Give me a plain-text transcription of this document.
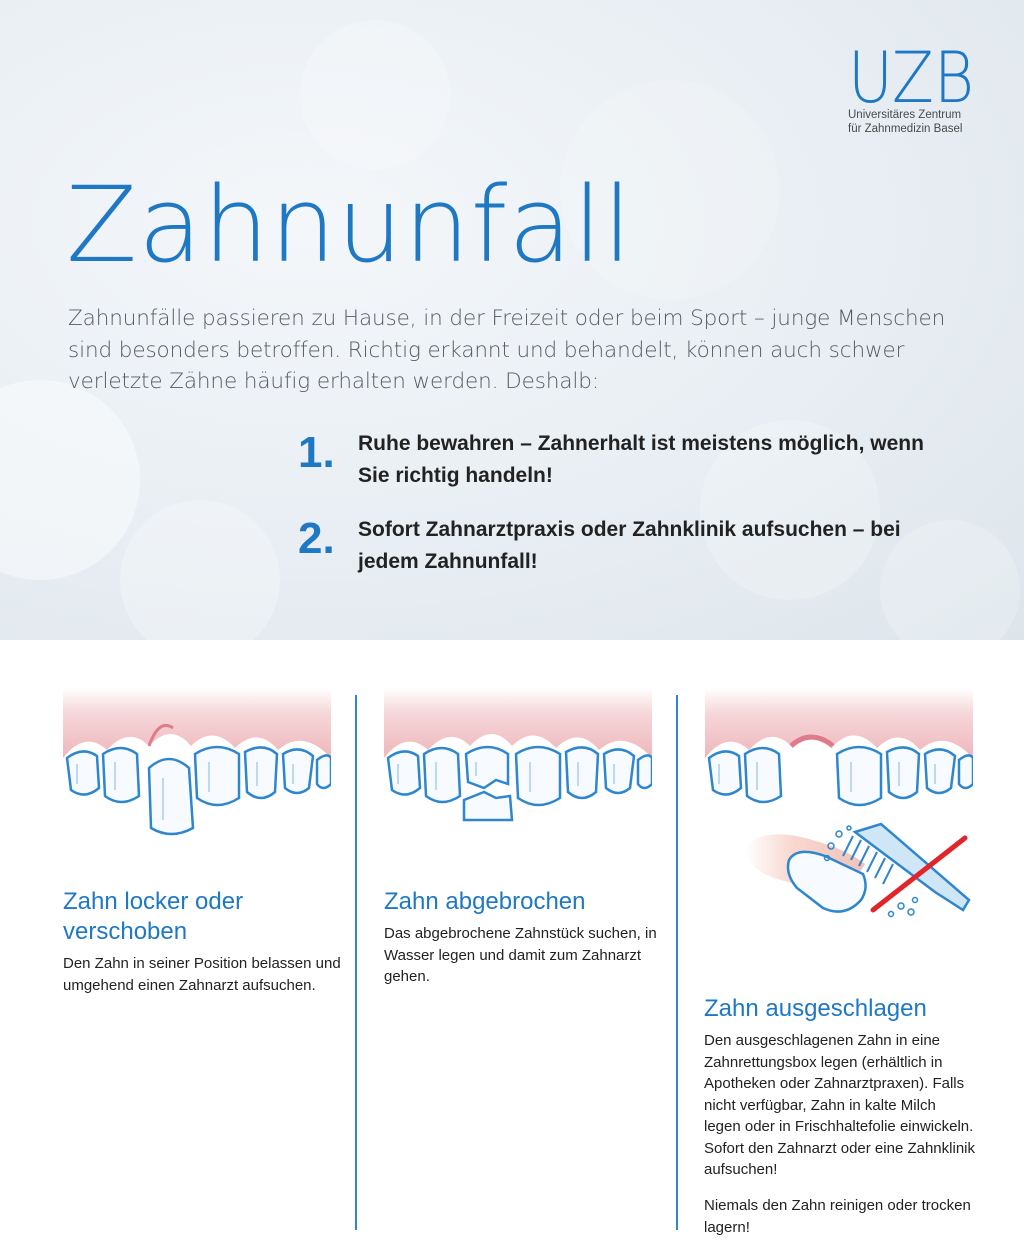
UZB
Universitäres Zentrum
für Zahnmedizin Basel
Zahnunfall

Zahnunfälle passieren zu Hause, in der Freizeit oder beim Sport – junge Menschen sind besonders betroffen. Richtig erkannt und behandelt, können auch schwer verletzte Zähne häufig erhalten werden. Deshalb:

1.	Ruhe bewahren – Zahnerhalt ist meistens möglich, wenn Sie richtig handeln!
2.	Sofort Zahnarztpraxis oder Zahnklinik aufsuchen – bei jedem Zahnunfall!
Zahn locker oder verschoben

Den Zahn in seiner Position belassen und umgehend einen Zahnarzt aufsuchen.

Zahn abgebrochen

Das abgebrochene Zahnstück suchen, in Wasser legen und damit zum Zahnarzt gehen.

Zahn ausgeschlagen

Den ausgeschlagenen Zahn in eine Zahnrettungsbox legen (erhältlich in Apotheken oder Zahnarztpraxen). Falls nicht verfügbar, Zahn in kalte Milch legen oder in Frischhaltefolie einwickeln. Sofort den Zahnarzt oder eine Zahnklinik aufsuchen!

Niemals den Zahn reinigen oder trocken lagern!
